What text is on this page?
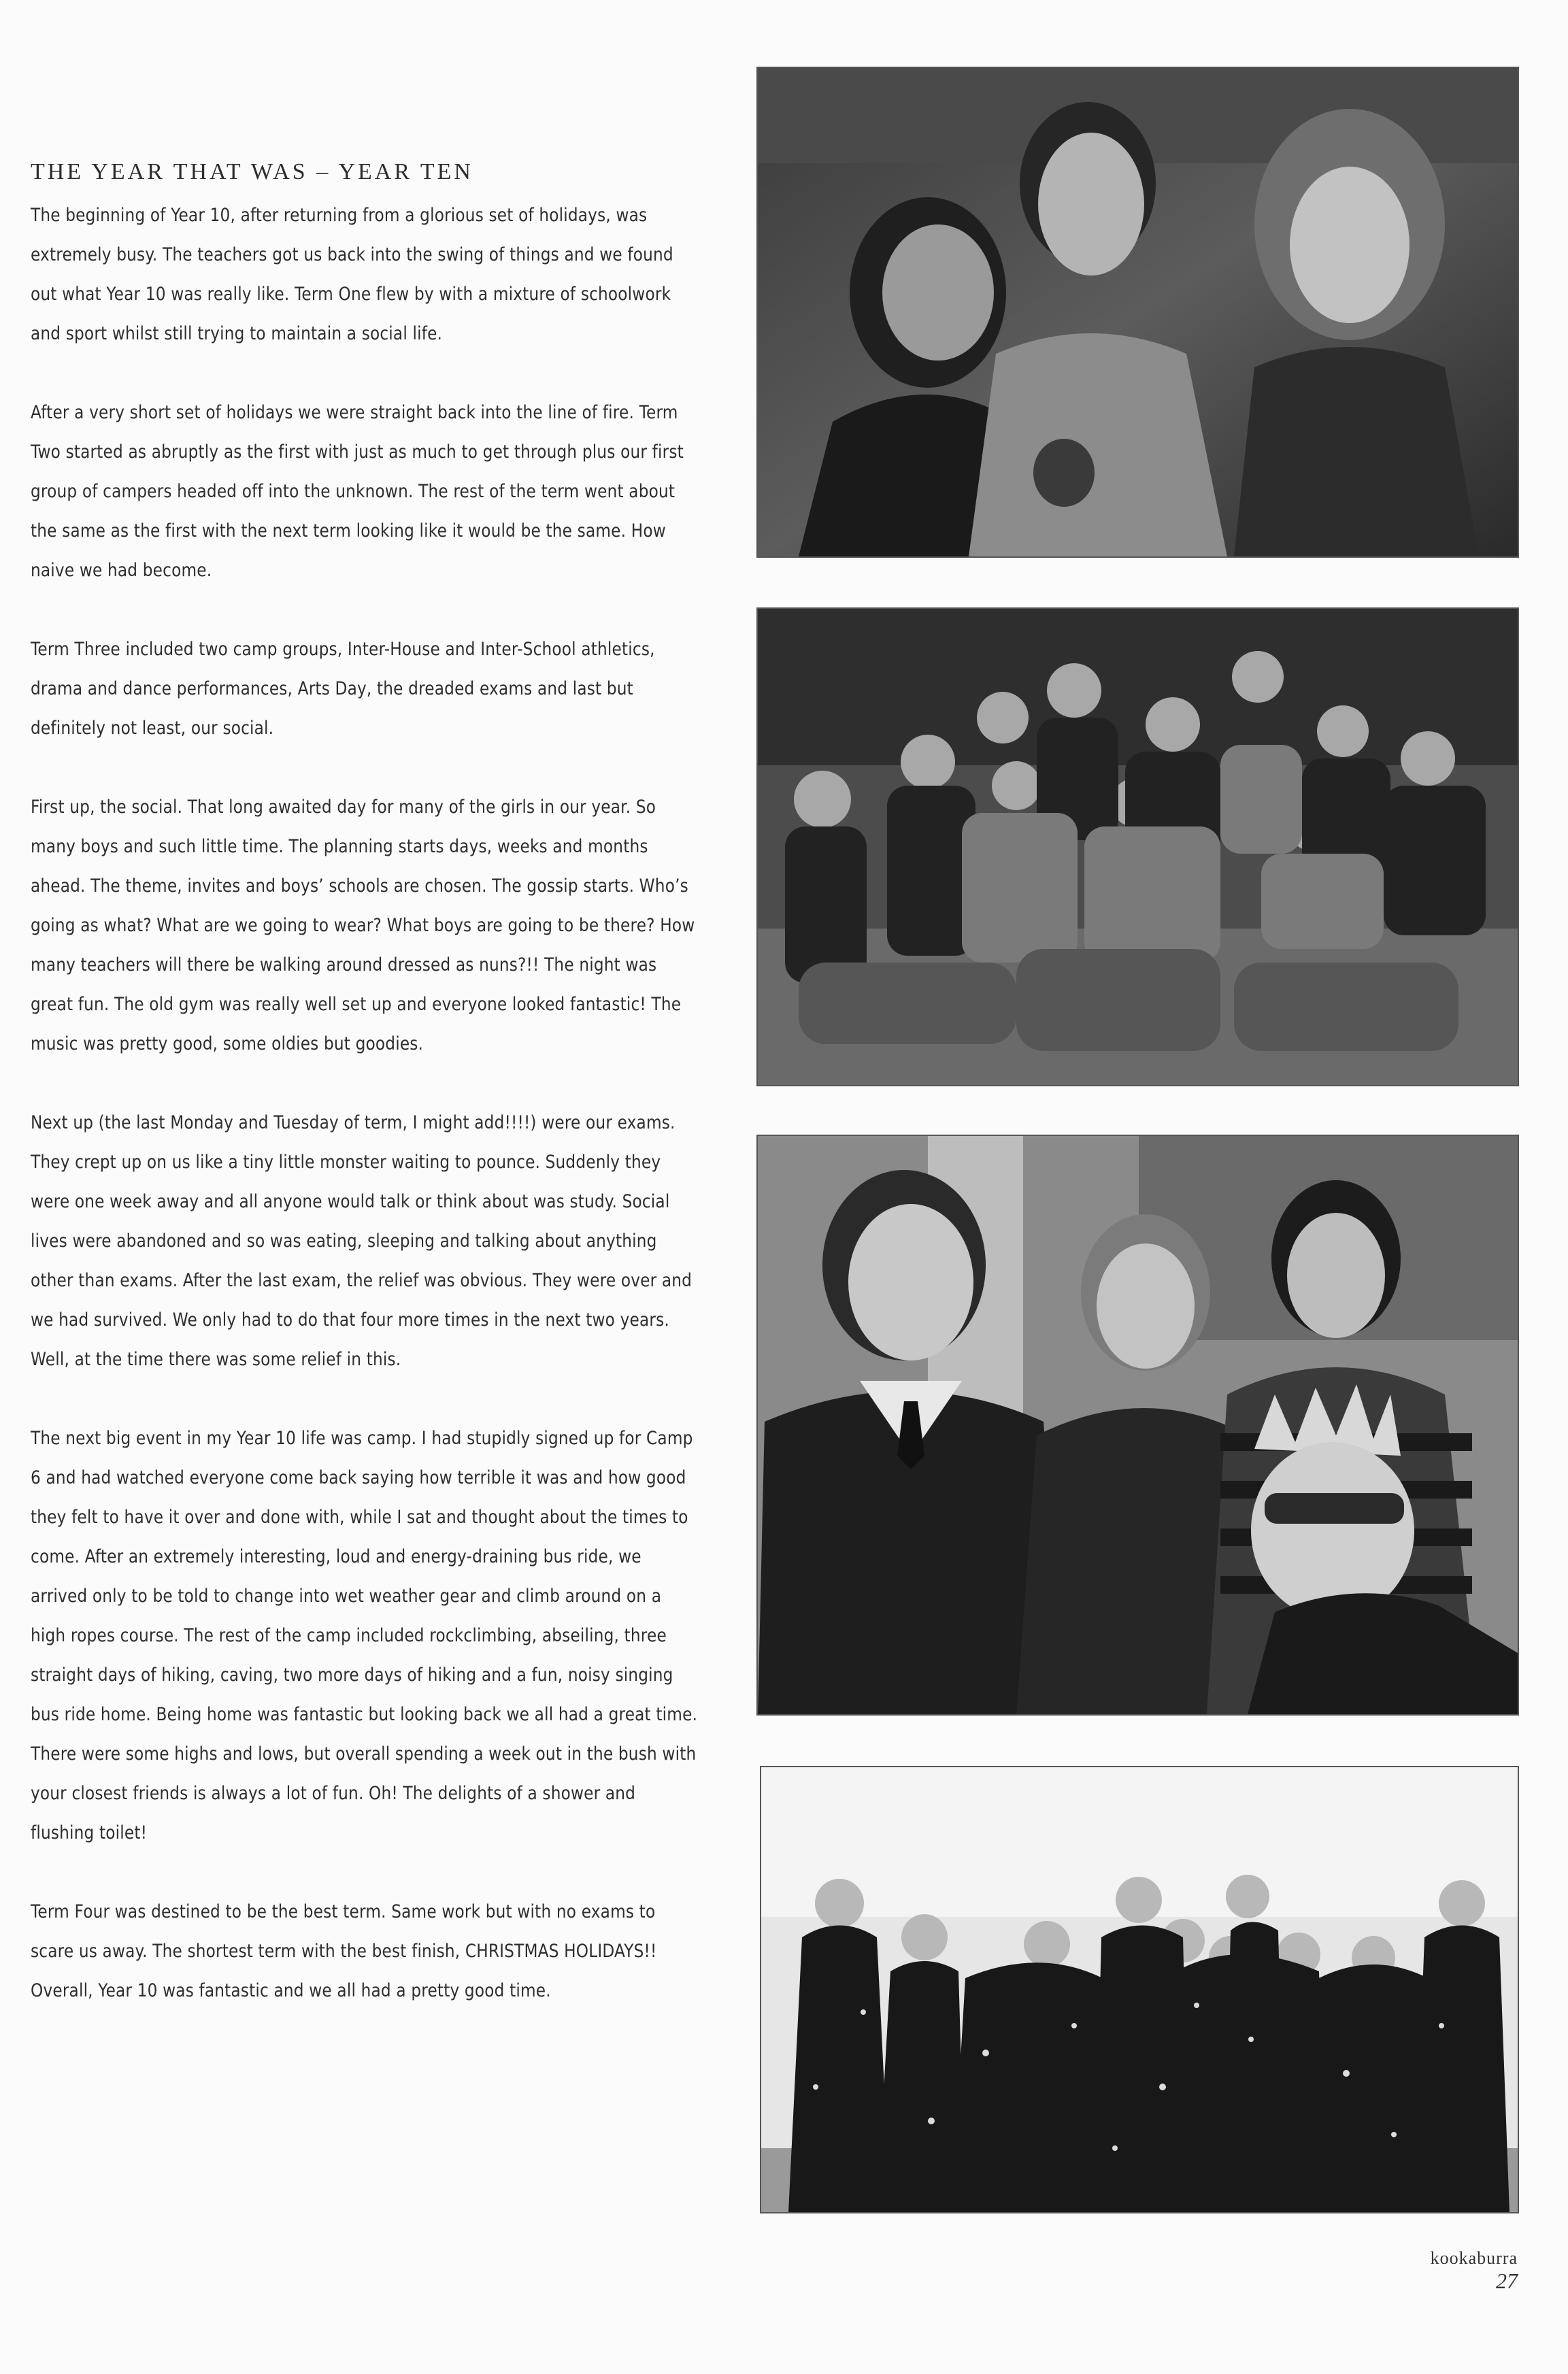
THE YEAR THAT WAS – YEAR TEN

The beginning of Year 10, after returning from a glorious set of holidays, was extremely busy. The teachers got us back into the swing of things and we found out what Year 10 was really like. Term One flew by with a mixture of schoolwork and sport whilst still trying to maintain a social life.

After a very short set of holidays we were straight back into the line of fire. Term Two started as abruptly as the first with just as much to get through plus our first group of campers headed off into the unknown. The rest of the term went about the same as the first with the next term looking like it would be the same. How naive we had become.

Term Three included two camp groups, Inter-House and Inter-School athletics, drama and dance performances, Arts Day, the dreaded exams and last but definitely not least, our social.

First up, the social. That long awaited day for many of the girls in our year. So many boys and such little time. The planning starts days, weeks and months ahead. The theme, invites and boys’ schools are chosen. The gossip starts. Who’s going as what? What are we going to wear? What boys are going to be there? How many teachers will there be walking around dressed as nuns?!! The night was great fun. The old gym was really well set up and everyone looked fantastic! The music was pretty good, some oldies but goodies.

Next up (the last Monday and Tuesday of term, I might add!!!!) were our exams. They crept up on us like a tiny little monster waiting to pounce. Suddenly they were one week away and all anyone would talk or think about was study. Social lives were abandoned and so was eating, sleeping and talking about anything other than exams. After the last exam, the relief was obvious. They were over and we had survived. We only had to do that four more times in the next two years. Well, at the time there was some relief in this.

The next big event in my Year 10 life was camp. I had stupidly signed up for Camp 6 and had watched everyone come back saying how terrible it was and how good they felt to have it over and done with, while I sat and thought about the times to come. After an extremely interesting, loud and energy-draining bus ride, we arrived only to be told to change into wet weather gear and climb around on a high ropes course. The rest of the camp included rockclimbing, abseiling, three straight days of hiking, caving, two more days of hiking and a fun, noisy singing bus ride home. Being home was fantastic but looking back we all had a great time. There were some highs and lows, but overall spending a week out in the bush with your closest friends is always a lot of fun. Oh! The delights of a shower and flushing toilet!

Term Four was destined to be the best term. Same work but with no exams to scare us away. The shortest term with the best finish, CHRISTMAS HOLIDAYS!! Overall, Year 10 was fantastic and we all had a pretty good time.

kookaburra
27
